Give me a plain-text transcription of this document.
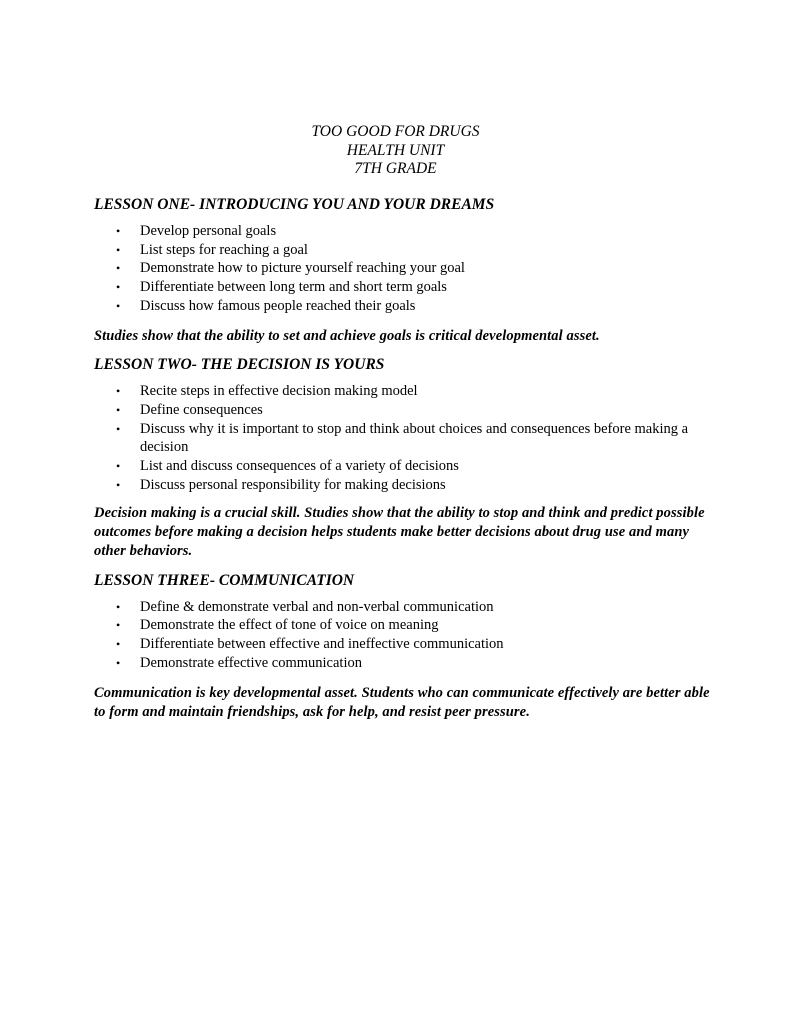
TOO GOOD FOR DRUGS
HEALTH UNIT
7TH GRADE
LESSON ONE- INTRODUCING YOU AND YOUR DREAMS
• Develop personal goals
• List steps for reaching a goal
• Demonstrate how to picture yourself reaching your goal
• Differentiate between long term and short term goals
• Discuss how famous people reached their goals

Studies show that the ability to set and achieve goals is critical developmental asset.

LESSON TWO- THE DECISION IS YOURS
• Recite steps in effective decision making model
• Define consequences
• Discuss why it is important to stop and think about choices and consequences before making a decision
• List and discuss consequences of a variety of decisions
• Discuss personal responsibility for making decisions

Decision making is a crucial skill. Studies show that the ability to stop and think and predict possible outcomes before making a decision helps students make better decisions about drug use and many other behaviors.

LESSON THREE- COMMUNICATION
• Define & demonstrate verbal and non-verbal communication
• Demonstrate the effect of tone of voice on meaning
• Differentiate between effective and ineffective communication
• Demonstrate effective communication

Communication is key developmental asset. Students who can communicate effectively are better able to form and maintain friendships, ask for help, and resist peer pressure.
